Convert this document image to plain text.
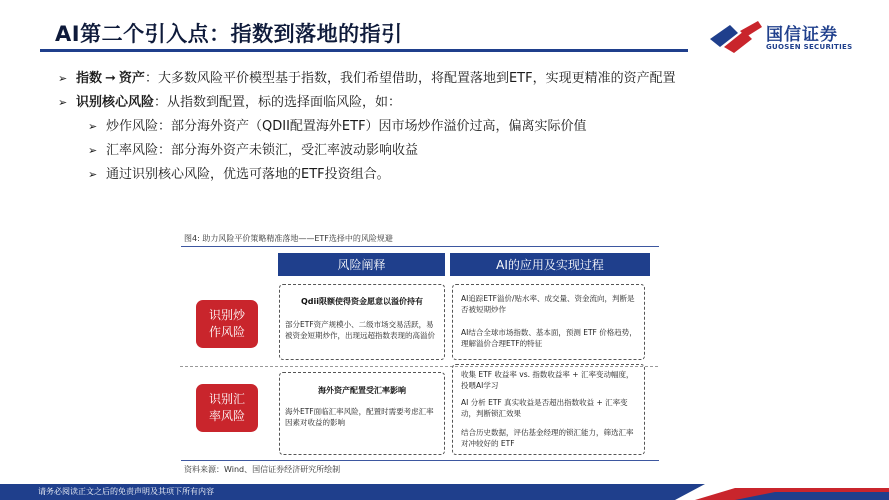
AI第二个引入点：指数到落地的指引	国信证券
GUOSEN SECURITIES
➢ 指数 ➞ 资产：大多数风险平价模型基于指数，我们希望借助，将配置落地到ETF，实现更精准的资产配置
➢ 识别核心风险：从指数到配置，标的选择面临风险，如：
➢ 炒作风险：部分海外资产（QDII配置海外ETF）因市场炒作溢价过高，偏离实际价值
➢ 汇率风险：部分海外资产未锁汇，受汇率波动影响收益
➢ 通过识别核心风险，优选可落地的ETF投资组合。
图4: 助力风险平价策略精准落地——ETF选择中的风险规避
风险阐释	AI的应用及实现过程
识别炒作风险
识别汇率风险
Qdii限额使得资金愿意以溢价持有
部分ETF资产规模小、二级市场交易活跃，易被资金短期炒作，出现远超指数表现的高溢价
AI追踪ETF溢价/贴水率、成交量、资金流向，判断是否被短期炒作
AI结合全球市场指数、基本面，预测 ETF 价格趋势，理解溢价合理ETF的特征
海外资产配置受汇率影响
海外ETF面临汇率风险，配置时需要考虑汇率因素对收益的影响
收集 ETF 收益率 vs. 指数收益率 + 汇率变动幅度，投喂AI学习
AI 分析 ETF 真实收益是否超出指数收益 + 汇率变动，判断锁汇效果
结合历史数据，评估基金经理的锁汇能力，筛选汇率对冲较好的 ETF
资料来源：Wind、国信证券经济研究所绘制
请务必阅读正文之后的免责声明及其项下所有内容
